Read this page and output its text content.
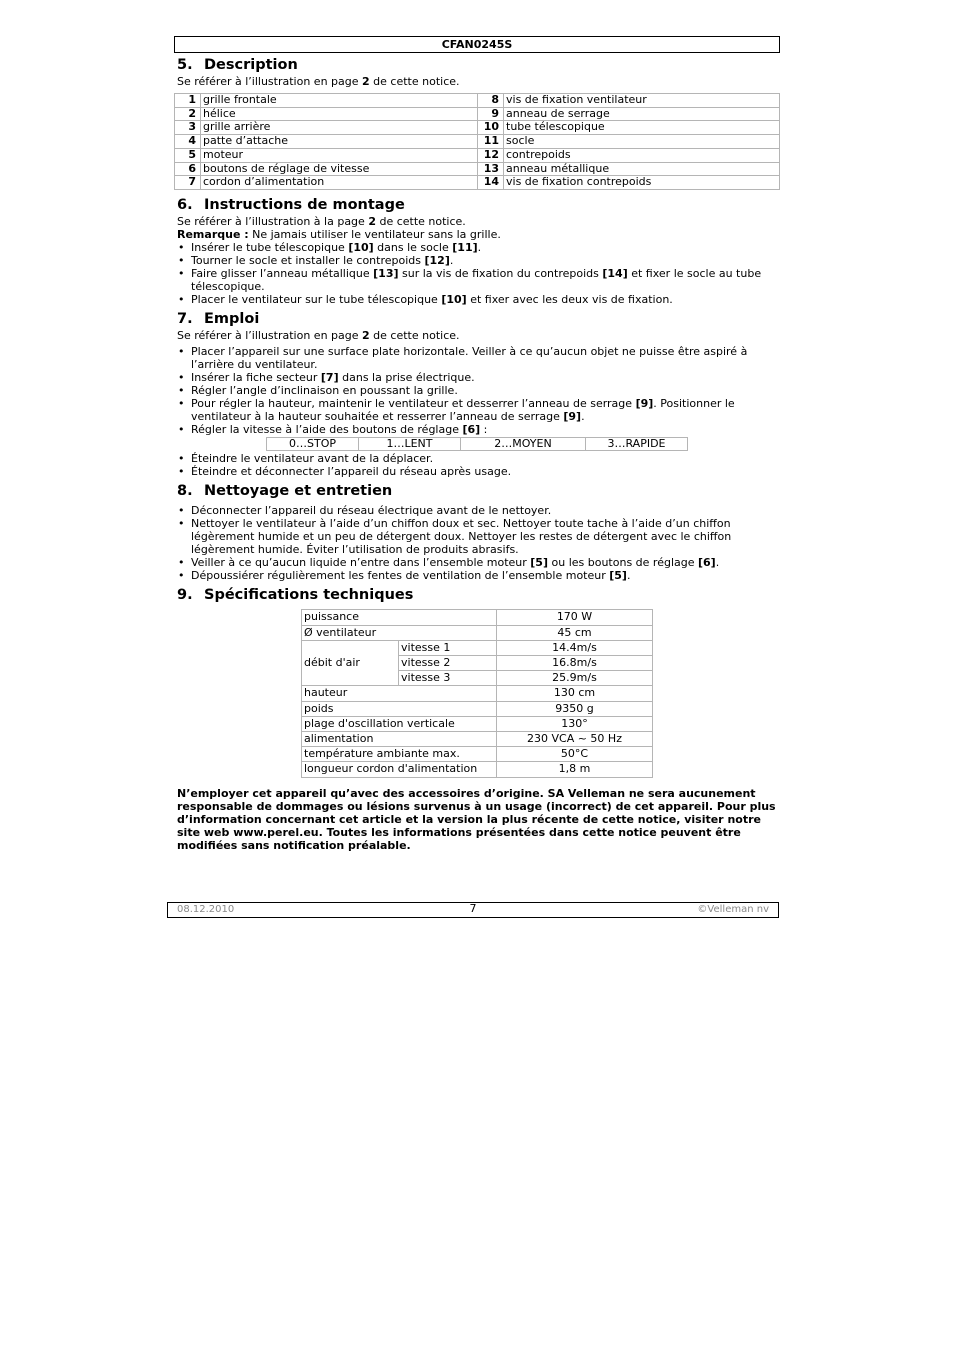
CFAN0245S
5. Description

Se référer à l’illustration en page 2 de cette notice.

1	grille frontale	8	vis de fixation ventilateur
2	hélice	9	anneau de serrage
3	grille arrière	10	tube télescopique
4	patte d’attache	11	socle
5	moteur	12	contrepoids
6	boutons de réglage de vitesse	13	anneau métallique
7	cordon d’alimentation	14	vis de fixation contrepoids
6. Instructions de montage

Se référer à l’illustration à la page 2 de cette notice.

Remarque : Ne jamais utiliser le ventilateur sans la grille.

• Insérer le tube télescopique [10] dans le socle [11].
• Tourner le socle et installer le contrepoids [12].
• Faire glisser l’anneau métallique [13] sur la vis de fixation du contrepoids [14] et fixer le socle au tube télescopique.
• Placer le ventilateur sur le tube télescopique [10] et fixer avec les deux vis de fixation.
7. Emploi

Se référer à l’illustration en page 2 de cette notice.

• Placer l’appareil sur une surface plate horizontale. Veiller à ce qu’aucun objet ne puisse être aspiré à l’arrière du ventilateur.
• Insérer la fiche secteur [7] dans la prise électrique.
• Régler l’angle d’inclinaison en poussant la grille.
• Pour régler la hauteur, maintenir le ventilateur et desserrer l’anneau de serrage [9]. Positionner le ventilateur à la hauteur souhaitée et resserrer l’anneau de serrage [9].
• Régler la vitesse à l’aide des boutons de réglage [6] :
0…STOP	1…LENT	2…MOYEN	3…RAPIDE
• Éteindre le ventilateur avant de la déplacer.
• Éteindre et déconnecter l’appareil du réseau après usage.
8. Nettoyage et entretien
• Déconnecter l’appareil du réseau électrique avant de le nettoyer.
• Nettoyer le ventilateur à l’aide d’un chiffon doux et sec. Nettoyer toute tache à l’aide d’un chiffon légèrement humide et un peu de détergent doux. Nettoyer les restes de détergent avec le chiffon légèrement humide. Éviter l’utilisation de produits abrasifs.
• Veiller à ce qu’aucun liquide n’entre dans l’ensemble moteur [5] ou les boutons de réglage [6].
• Dépoussiérer régulièrement les fentes de ventilation de l’ensemble moteur [5].
9. Spécifications techniques
puissance		170 W
Ø ventilateur		45 cm
débit d'air	vitesse 1	14.4m/s
	vitesse 2	16.8m/s
	vitesse 3	25.9m/s
hauteur		130 cm
poids		9350 g
plage d'oscillation verticale		130°
alimentation		230 VCA ~ 50 Hz
température ambiante max.		50°C
longueur cordon d'alimentation		1,8 m

N’employer cet appareil qu’avec des accessoires d’origine. SA Velleman ne sera aucunement responsable de dommages ou lésions survenus à un usage (incorrect) de cet appareil. Pour plus d’information concernant cet article et la version la plus récente de cette notice, visiter notre site web www.perel.eu. Toutes les informations présentées dans cette notice peuvent être modifiées sans notification préalable.

08.12.2010	7	©Velleman nv
